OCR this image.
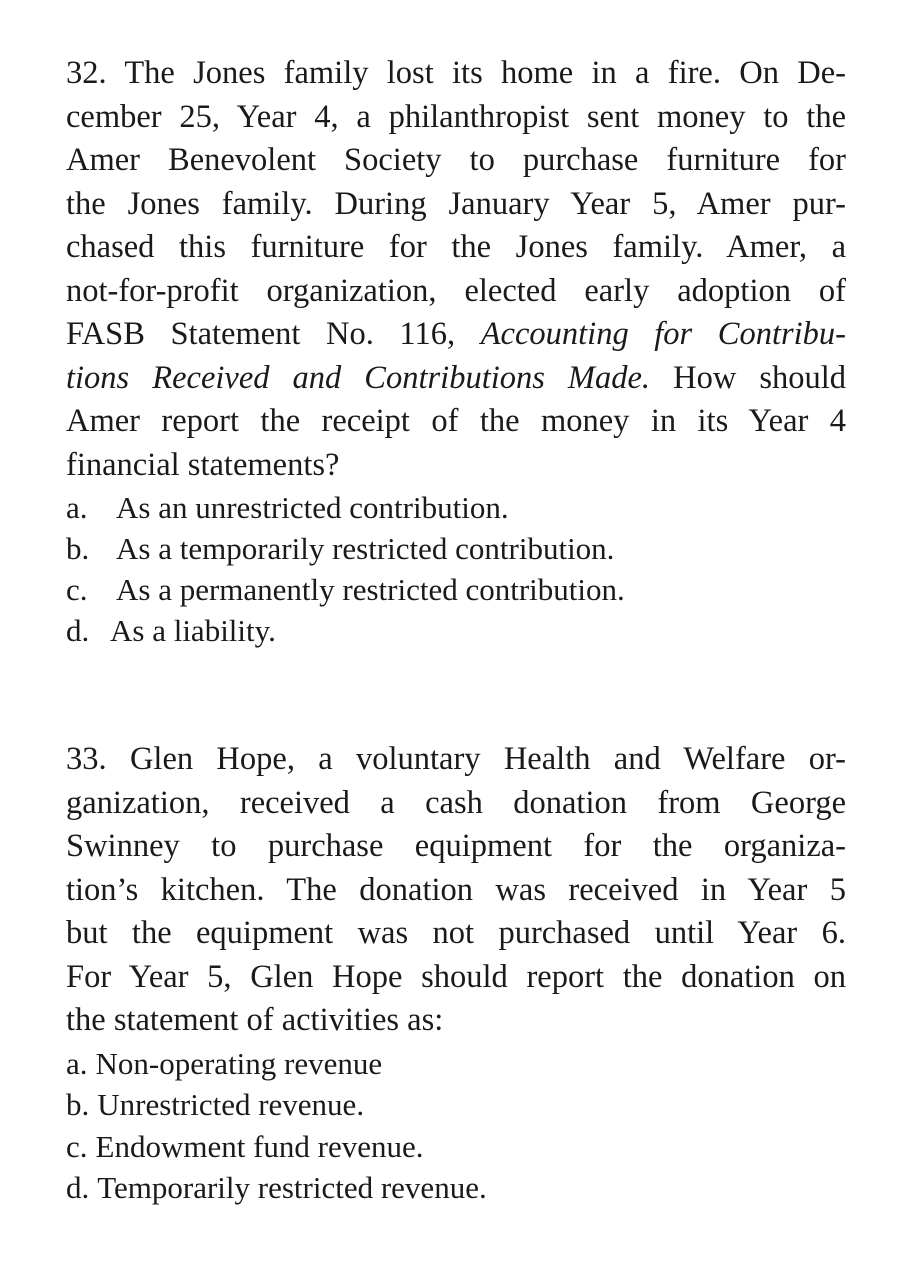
32. The Jones family lost its home in a fire. On De-
cember 25, Year 4, a philanthropist sent money to the
Amer Benevolent Society to purchase furniture for
the Jones family. During January Year 5, Amer pur-
chased this furniture for the Jones family. Amer, a
not-for-profit organization, elected early adoption of
FASB Statement No. 116, Accounting for Contribu-
tions Received and Contributions Made. How should
Amer report the receipt of the money in its Year 4
financial statements?
a. As an unrestricted contribution.
b. As a temporarily restricted contribution.
c. As a permanently restricted contribution.
d. As a liability.
33. Glen Hope, a voluntary Health and Welfare or-
ganization, received a cash donation from George
Swinney to purchase equipment for the organiza-
tion’s kitchen. The donation was received in Year 5
but the equipment was not purchased until Year 6.
For Year 5, Glen Hope should report the donation on
the statement of activities as:
a. Non-operating revenue
b. Unrestricted revenue.
c. Endowment fund revenue.
d. Temporarily restricted revenue.
